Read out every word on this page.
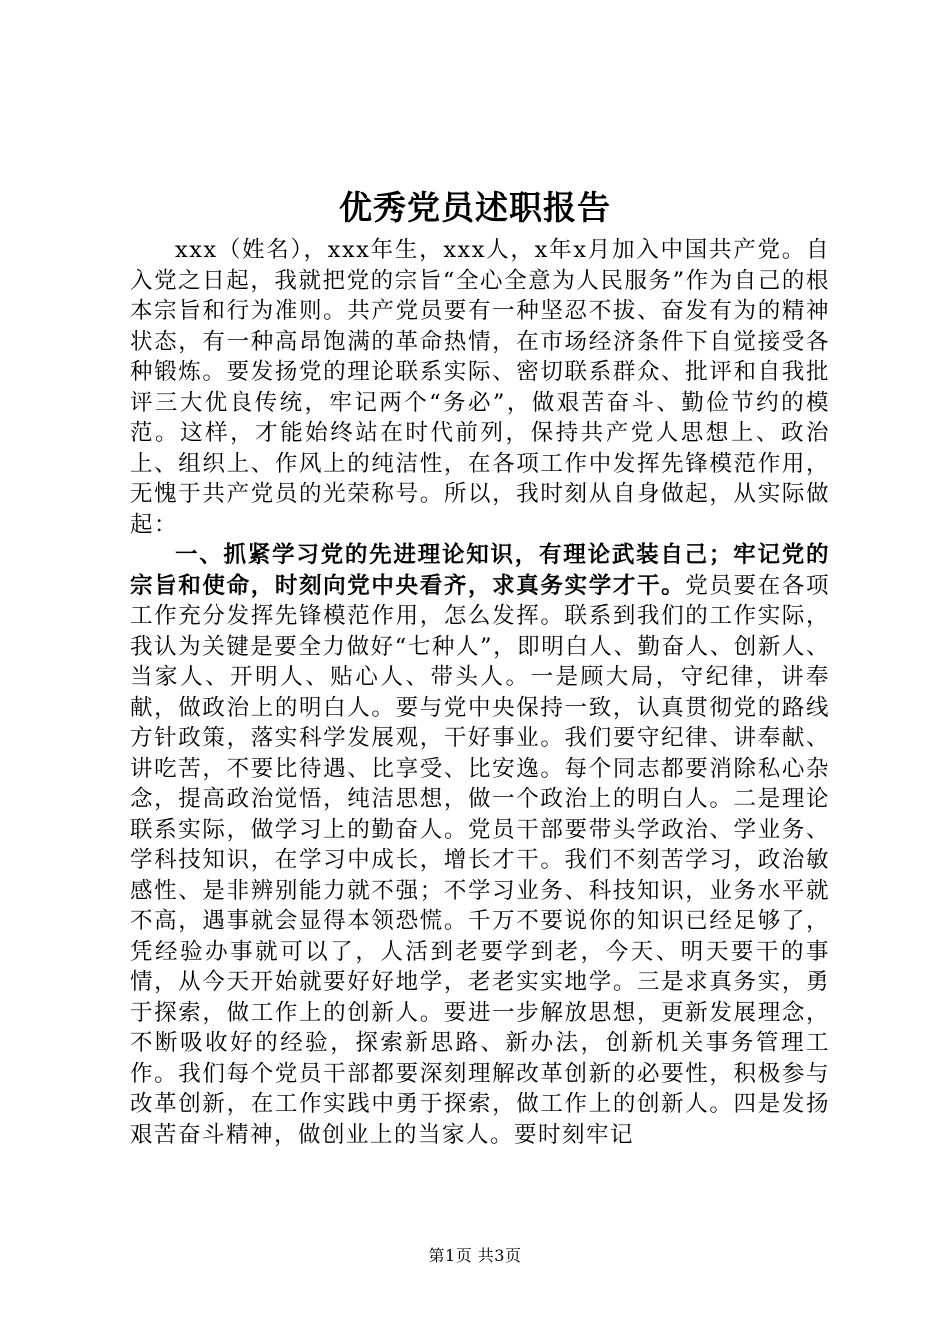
优秀党员述职报告

xxx（姓名），xxx年生，xxx人，x年x月加入中国共产党。自入党之日起，我就把党的宗旨“全心全意为人民服务”作为自己的根本宗旨和行为准则。共产党员要有一种坚忍不拔、奋发有为的精神状态，有一种高昂饱满的革命热情，在市场经济条件下自觉接受各种锻炼。要发扬党的理论联系实际、密切联系群众、批评和自我批评三大优良传统，牢记两个“务必”，做艰苦奋斗、勤俭节约的模范。这样，才能始终站在时代前列，保持共产党人思想上、政治上、组织上、作风上的纯洁性，在各项工作中发挥先锋模范作用，无愧于共产党员的光荣称号。所以，我时刻从自身做起，从实际做起：

一、抓紧学习党的先进理论知识，有理论武装自己；牢记党的宗旨和使命，时刻向党中央看齐，求真务实学才干。党员要在各项工作充分发挥先锋模范作用，怎么发挥。联系到我们的工作实际，我认为关键是要全力做好“七种人”，即明白人、勤奋人、创新人、当家人、开明人、贴心人、带头人。一是顾大局，守纪律，讲奉献，做政治上的明白人。要与党中央保持一致，认真贯彻党的路线方针政策，落实科学发展观，干好事业。我们要守纪律、讲奉献、讲吃苦，不要比待遇、比享受、比安逸。每个同志都要消除私心杂念，提高政治觉悟，纯洁思想，做一个政治上的明白人。二是理论联系实际，做学习上的勤奋人。党员干部要带头学政治、学业务、学科技知识，在学习中成长，增长才干。我们不刻苦学习，政治敏感性、是非辨别能力就不强；不学习业务、科技知识，业务水平就不高，遇事就会显得本领恐慌。千万不要说你的知识已经足够了，凭经验办事就可以了，人活到老要学到老，今天、明天要干的事情，从今天开始就要好好地学，老老实实地学。三是求真务实，勇于探索，做工作上的创新人。要进一步解放思想，更新发展理念，不断吸收好的经验，探索新思路、新办法，创新机关事务管理工作。我们每个党员干部都要深刻理解改革创新的必要性，积极参与改革创新，在工作实践中勇于探索，做工作上的创新人。四是发扬艰苦奋斗精神，做创业上的当家人。要时刻牢记

第1页 共3页
